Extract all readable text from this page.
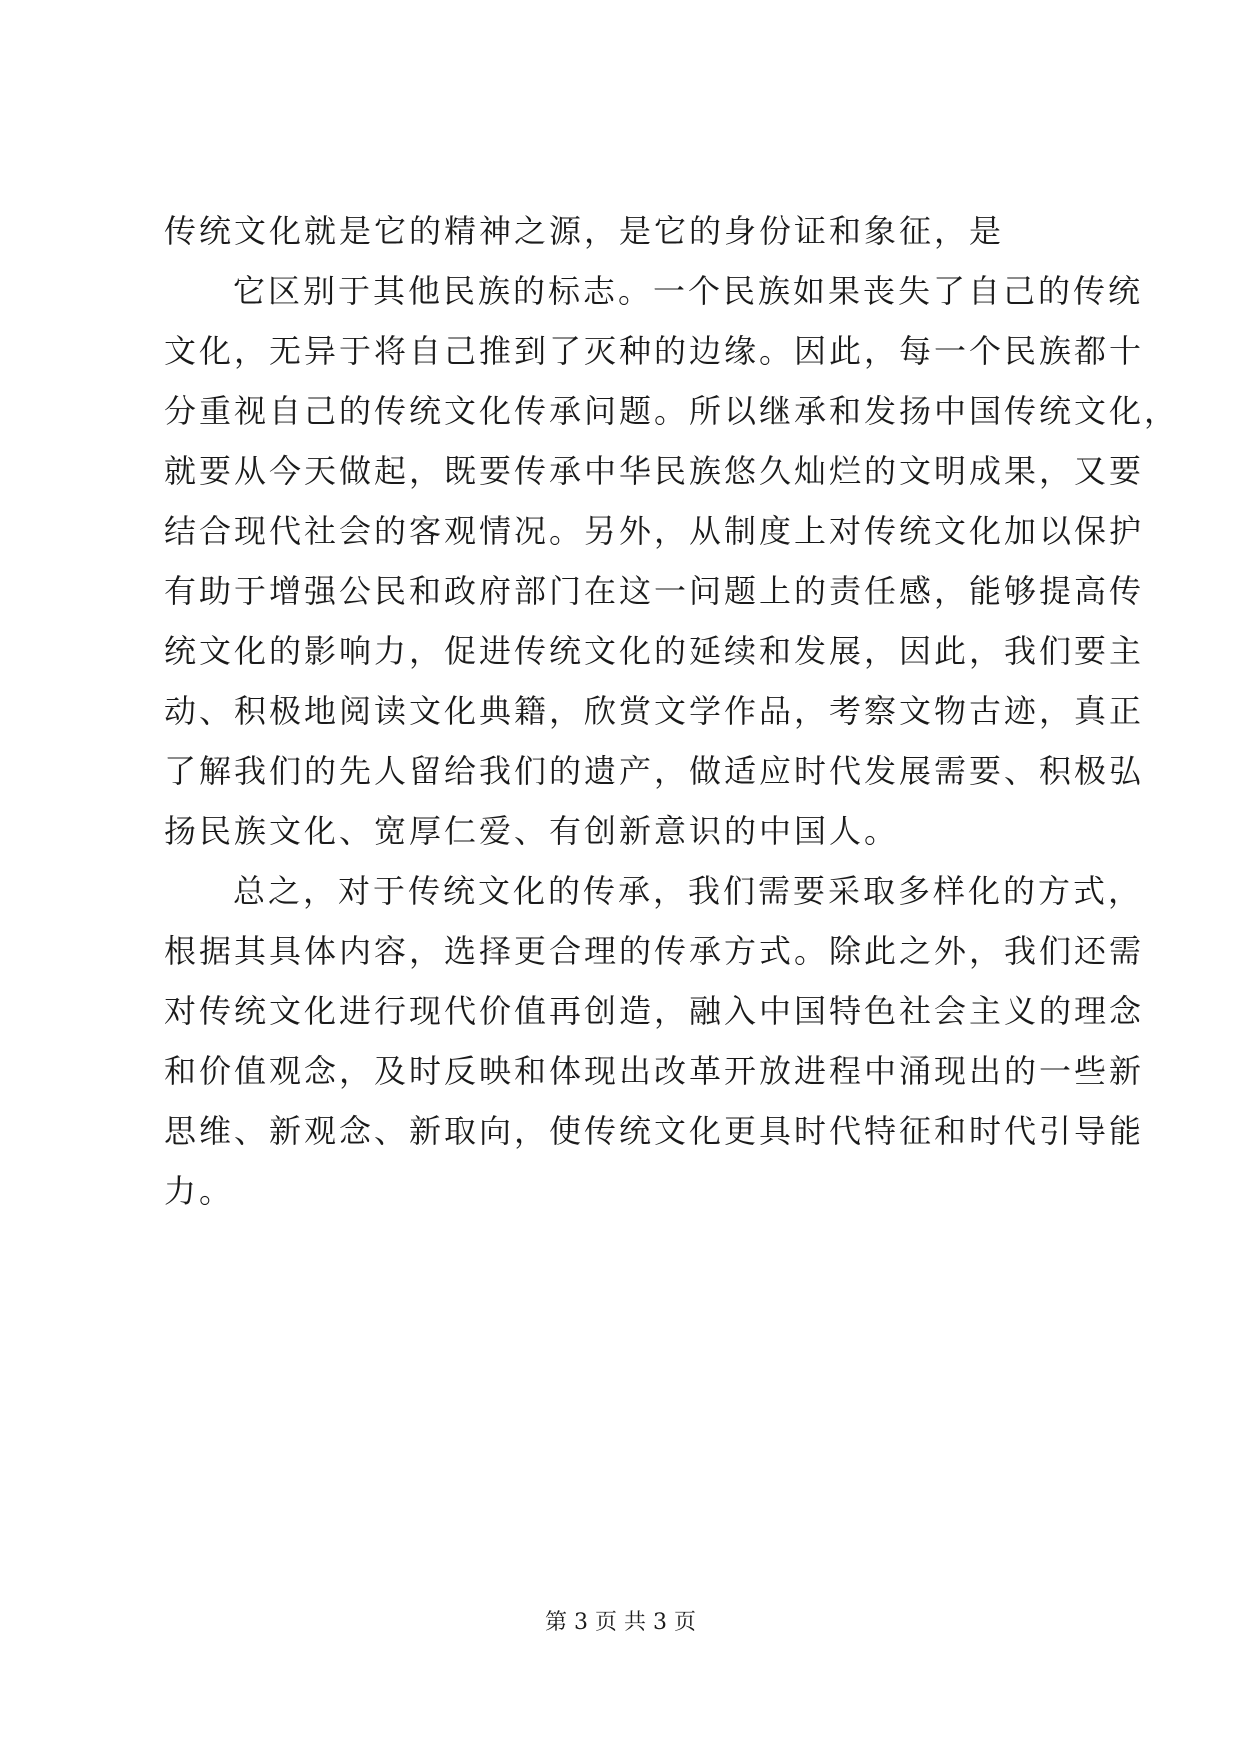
传统文化就是它的精神之源，是它的身份证和象征，是
它区别于其他民族的标志。一个民族如果丧失了自己的传统
文化，无异于将自己推到了灭种的边缘。因此，每一个民族都十
分重视自己的传统文化传承问题。所以继承和发扬中国传统文化，
就要从今天做起，既要传承中华民族悠久灿烂的文明成果，又要
结合现代社会的客观情况。另外，从制度上对传统文化加以保护
有助于增强公民和政府部门在这一问题上的责任感，能够提高传
统文化的影响力，促进传统文化的延续和发展，因此，我们要主
动、积极地阅读文化典籍，欣赏文学作品，考察文物古迹，真正
了解我们的先人留给我们的遗产，做适应时代发展需要、积极弘
扬民族文化、宽厚仁爱、有创新意识的中国人。
总之，对于传统文化的传承，我们需要采取多样化的方式，
根据其具体内容，选择更合理的传承方式。除此之外，我们还需
对传统文化进行现代价值再创造，融入中国特色社会主义的理念
和价值观念，及时反映和体现出改革开放进程中涌现出的一些新
思维、新观念、新取向，使传统文化更具时代特征和时代引导能
力。
第 3 页 共 3 页
